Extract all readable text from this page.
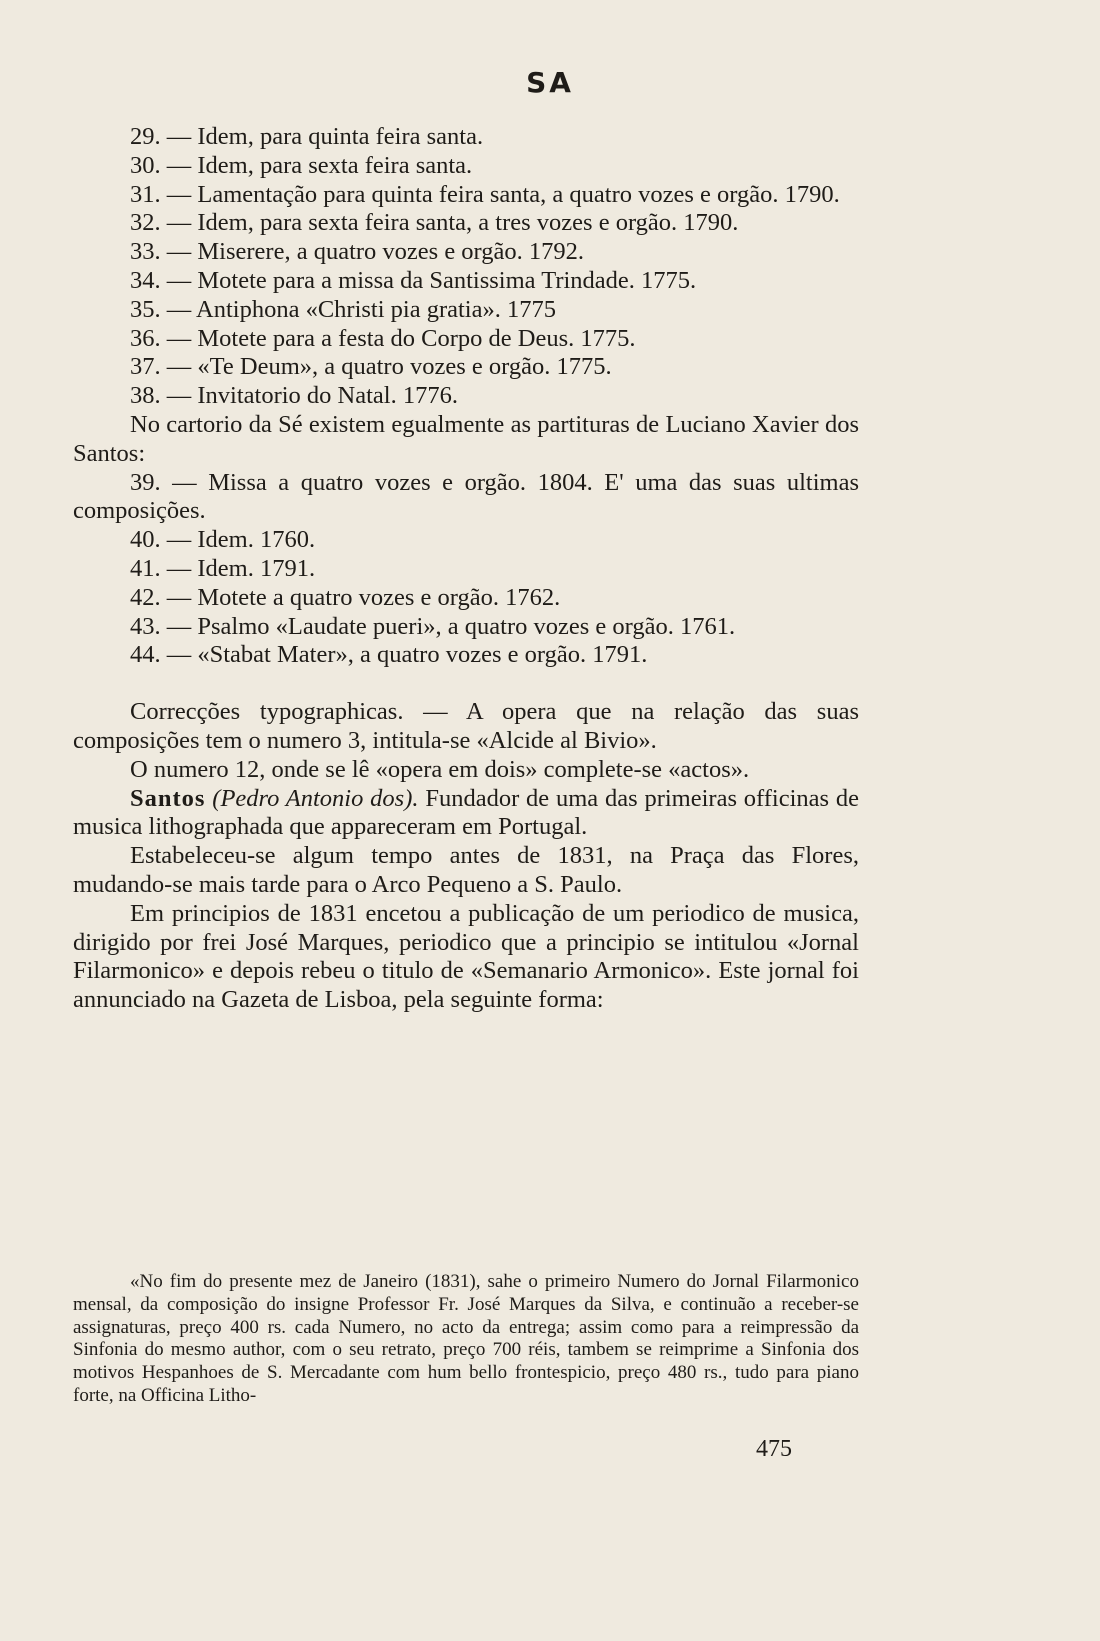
SA

29. — Idem, para quinta feira santa.

30. — Idem, para sexta feira santa.

31. — Lamentação para quinta feira santa, a quatro vozes e orgão. 1790.

32. — Idem, para sexta feira santa, a tres vozes e orgão. 1790.

33. — Miserere, a quatro vozes e orgão. 1792.

34. — Motete para a missa da Santissima Trindade. 1775.

35. — Antiphona «Christi pia gratia». 1775

36. — Motete para a festa do Corpo de Deus. 1775.

37. — «Te Deum», a quatro vozes e orgão. 1775.

38. — Invitatorio do Natal. 1776.

No cartorio da Sé existem egualmente as partituras de Luciano Xavier dos Santos:

39. — Missa a quatro vozes e orgão. 1804. E' uma das suas ultimas composições.

40. — Idem. 1760.

41. — Idem. 1791.

42. — Motete a quatro vozes e orgão. 1762.

43. — Psalmo «Laudate pueri», a quatro vozes e orgão. 1761.

44. — «Stabat Mater», a quatro vozes e orgão. 1791.

Correcções typographicas. — A opera que na relação das suas composições tem o numero 3, intitula-se «Alcide al Bivio».

O numero 12, onde se lê «opera em dois» complete-se «actos».

Santos (Pedro Antonio dos). Fundador de uma das primeiras officinas de musica lithographada que appareceram em Portugal.

Estabeleceu-se algum tempo antes de 1831, na Praça das Flores, mudando-se mais tarde para o Arco Pequeno a S. Paulo.

Em principios de 1831 encetou a publicação de um periodico de musica, dirigido por frei José Marques, periodico que a principio se intitulou «Jornal Filarmonico» e depois rebeu o titulo de «Semanario Armonico». Este jornal foi annunciado na Gazeta de Lisboa, pela seguinte forma:

«No fim do presente mez de Janeiro (1831), sahe o primeiro Numero do Jornal Filarmonico mensal, da composição do insigne Professor Fr. José Marques da Silva, e continuão a receber-se assignaturas, preço 400 rs. cada Numero, no acto da entrega; assim como para a reimpressão da Sinfonia do mesmo author, com o seu retrato, preço 700 réis, tambem se reimprime a Sinfonia dos motivos Hespanhoes de S. Mercadante com hum bello frontespicio, preço 480 rs., tudo para piano forte, na Officina Litho-

475
